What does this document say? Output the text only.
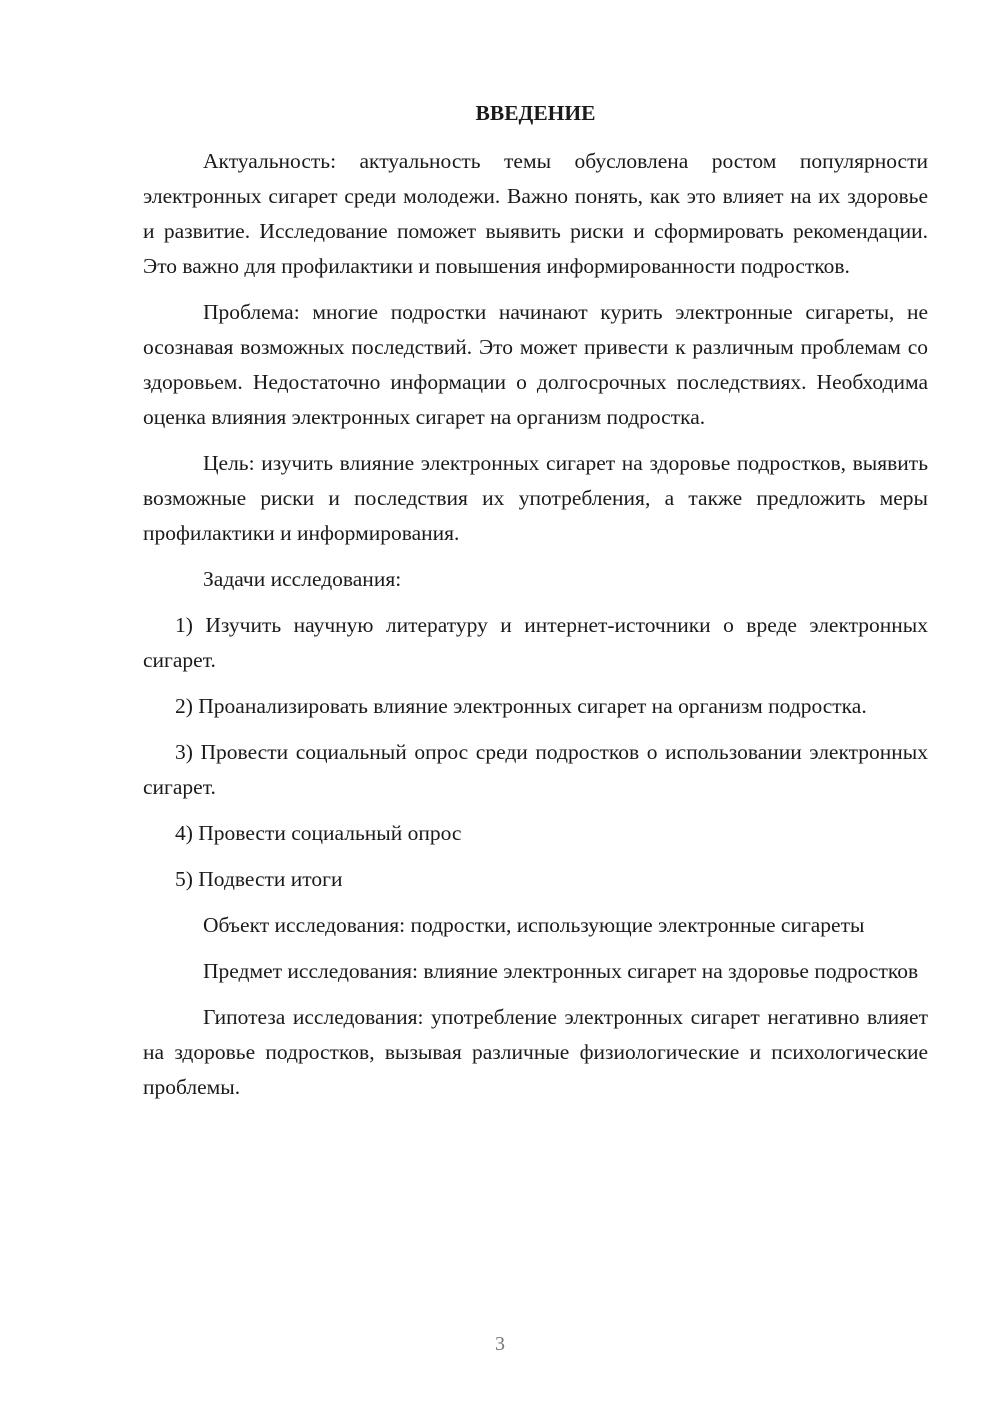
ВВЕДЕНИЕ

Актуальность: актуальность темы обусловлена ростом популярности электронных сигарет среди молодежи. Важно понять, как это влияет на их здоровье и развитие. Исследование поможет выявить риски и сформировать рекомендации. Это важно для профилактики и повышения информированности подростков.

Проблема: многие подростки начинают курить электронные сигареты, не осознавая возможных последствий. Это может привести к различным проблемам со здоровьем. Недостаточно информации о долгосрочных последствиях. Необходима оценка влияния электронных сигарет на организм подростка.

Цель: изучить влияние электронных сигарет на здоровье подростков, выявить возможные риски и последствия их употребления, а также предложить меры профилактики и информирования.

Задачи исследования:

1) Изучить научную литературу и интернет-источники о вреде электронных сигарет.

2) Проанализировать влияние электронных сигарет на организм подростка.

3) Провести социальный опрос среди подростков о использовании электронных сигарет.

4) Провести социальный опрос

5) Подвести итоги

Объект исследования: подростки, использующие электронные сигареты

Предмет исследования: влияние электронных сигарет на здоровье подростков

Гипотеза исследования: употребление электронных сигарет негативно влияет на здоровье подростков, вызывая различные физиологические и психологические проблемы.

3
